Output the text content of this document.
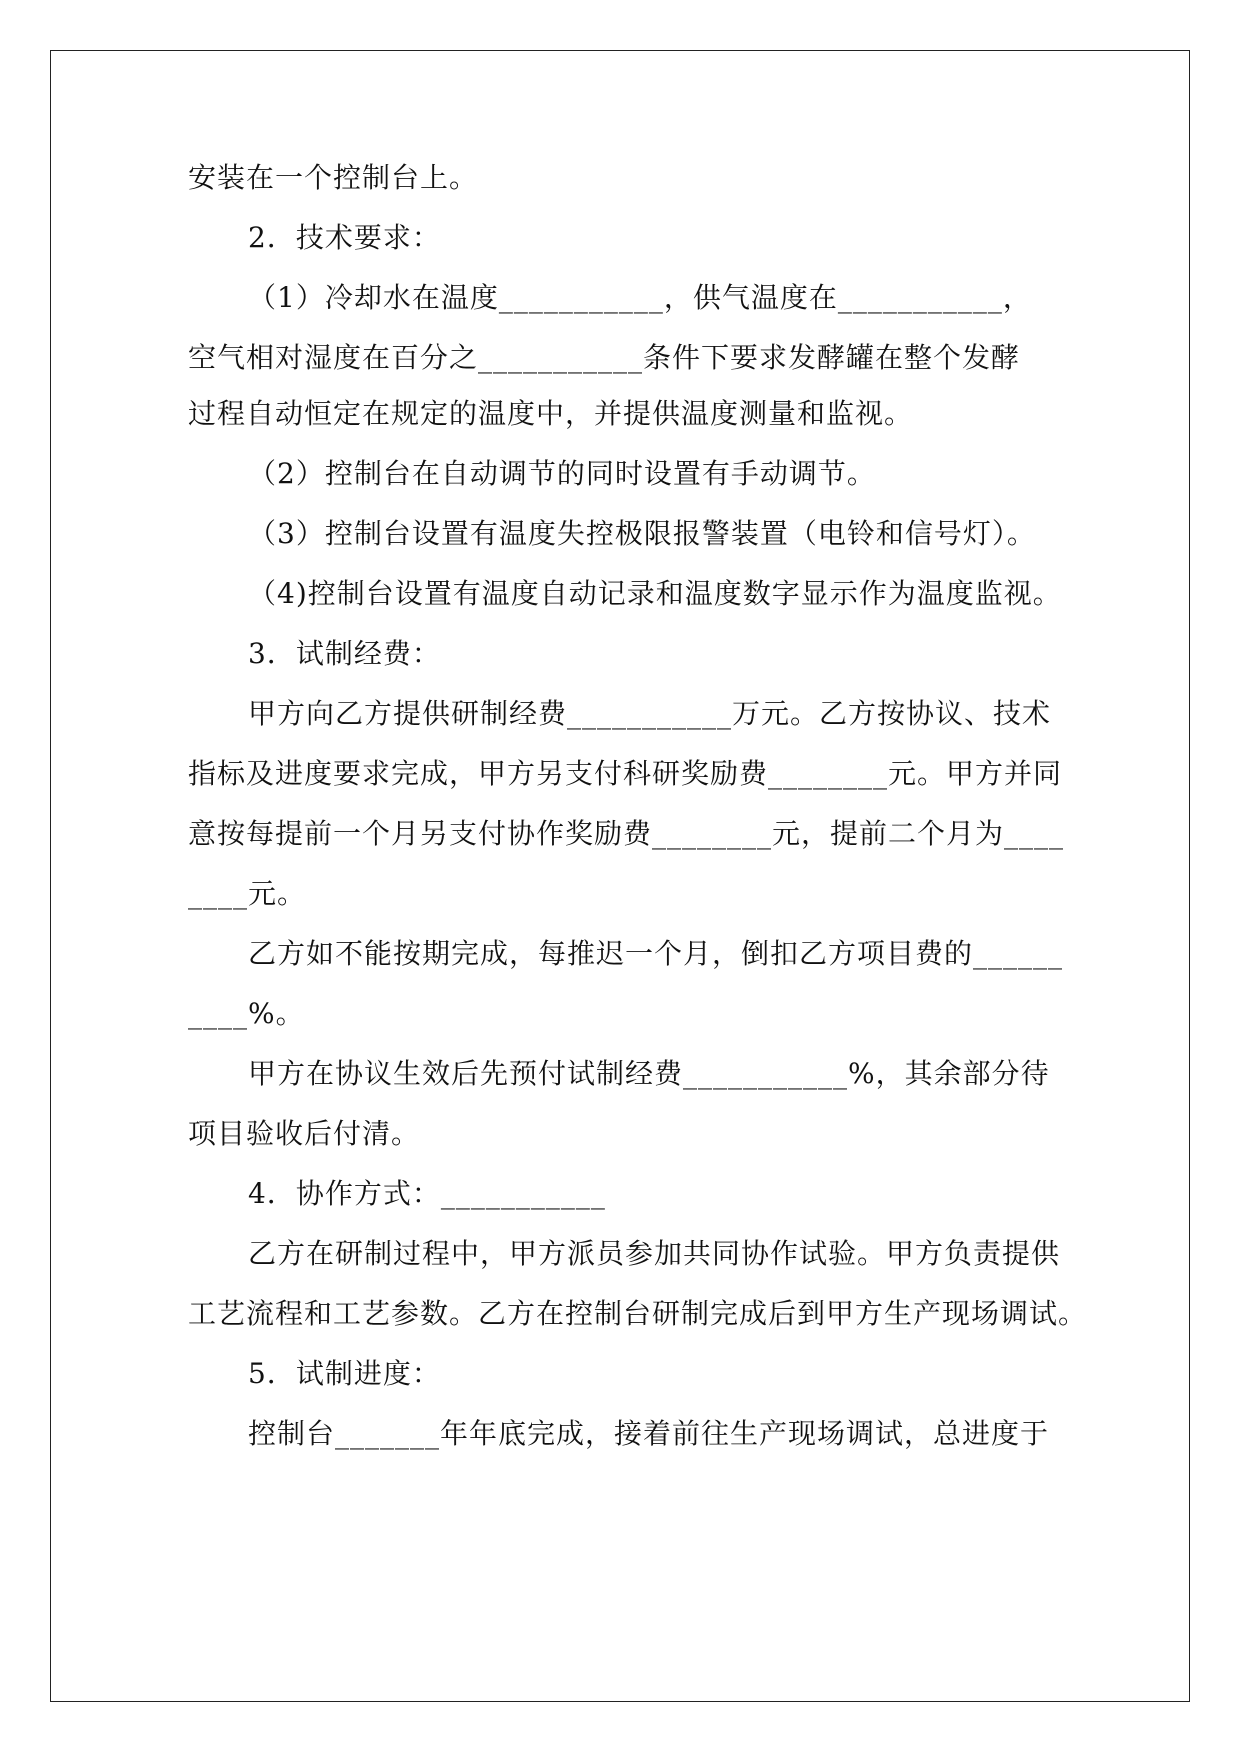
安装在一个控制台上。
2．技术要求：
（1）冷却水在温度___________，供气温度在___________，
空气相对湿度在百分之___________条件下要求发酵罐在整个发酵
过程自动恒定在规定的温度中，并提供温度测量和监视。
（2）控制台在自动调节的同时设置有手动调节。
（3）控制台设置有温度失控极限报警装置（电铃和信号灯）。
（4)控制台设置有温度自动记录和温度数字显示作为温度监视。
3．试制经费：
甲方向乙方提供研制经费___________万元。乙方按协议、技术
指标及进度要求完成，甲方另支付科研奖励费________元。甲方并同
意按每提前一个月另支付协作奖励费________元，提前二个月为____
____元。
乙方如不能按期完成，每推迟一个月，倒扣乙方项目费的______
____%。
甲方在协议生效后先预付试制经费___________%，其余部分待
项目验收后付清。
4．协作方式：___________
乙方在研制过程中，甲方派员参加共同协作试验。甲方负责提供
工艺流程和工艺参数。乙方在控制台研制完成后到甲方生产现场调试。
5．试制进度：
控制台_______年年底完成，接着前往生产现场调试，总进度于
